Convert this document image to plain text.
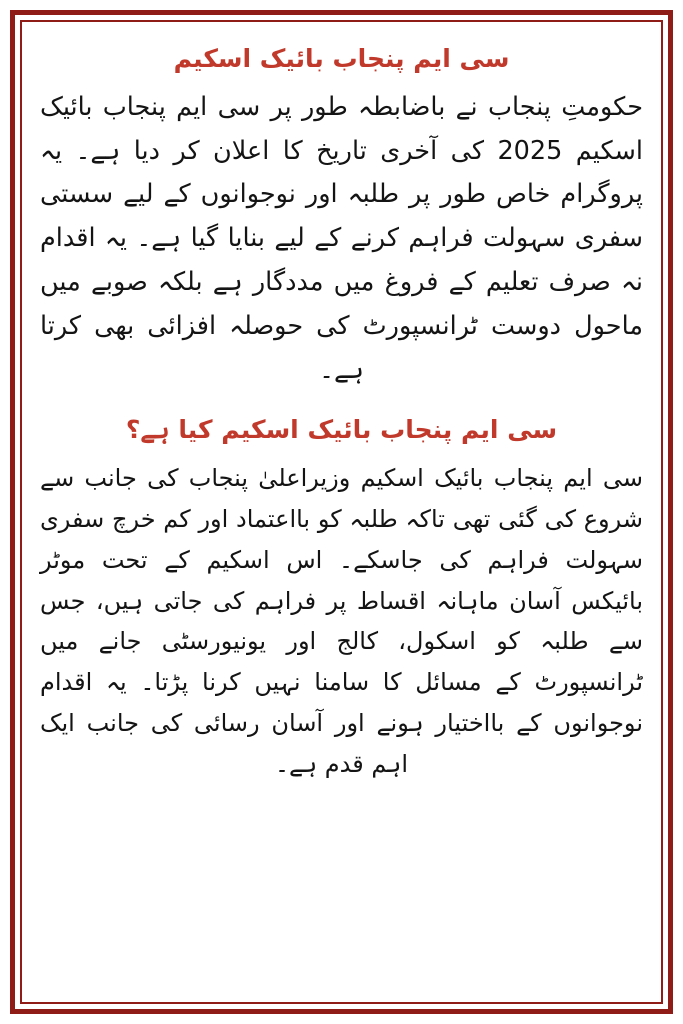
سی ایم پنجاب بائیک اسکیم

حکومتِ پنجاب نے باضابطہ طور پر سی ایم پنجاب بائیک اسکیم 2025 کی آخری تاریخ کا اعلان کر دیا ہے۔ یہ پروگرام خاص طور پر طلبہ اور نوجوانوں کے لیے سستی سفری سہولت فراہم کرنے کے لیے بنایا گیا ہے۔ یہ اقدام نہ صرف تعلیم کے فروغ میں مددگار ہے بلکہ صوبے میں ماحول دوست ٹرانسپورٹ کی حوصلہ افزائی بھی کرتا ہے۔

سی ایم پنجاب بائیک اسکیم کیا ہے؟

سی ایم پنجاب بائیک اسکیم وزیراعلیٰ پنجاب کی جانب سے شروع کی گئی تھی تاکہ طلبہ کو بااعتماد اور کم خرچ سفری سہولت فراہم کی جاسکے۔ اس اسکیم کے تحت موٹر بائیکس آسان ماہانہ اقساط پر فراہم کی جاتی ہیں، جس سے طلبہ کو اسکول، کالج اور یونیورسٹی جانے میں ٹرانسپورٹ کے مسائل کا سامنا نہیں کرنا پڑتا۔ یہ اقدام نوجوانوں کے بااختیار ہونے اور آسان رسائی کی جانب ایک اہم قدم ہے۔
